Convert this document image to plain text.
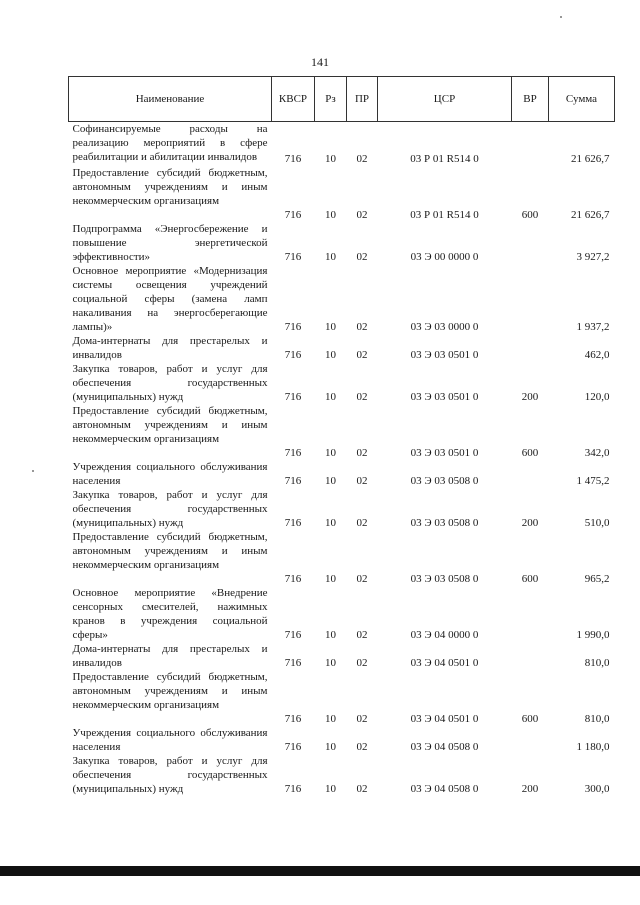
141
Наименование	КВСР	Рз	ПР	ЦСР	ВР	Сумма
Софинансируемые расходы на реализацию мероприятий в сфере реабилитации и абилитации инвалидов	716	10	02	03 Р 01 R514 0		21 626,7
Предоставление субсидий бюджетным, автономным учреждениям и иным некоммерческим организациям	716	10	02	03 Р 01 R514 0	600	21 626,7
Подпрограмма «Энергосбережение и повышение энергетической эффективности»	716	10	02	03 Э 00 0000 0		3 927,2
Основное мероприятие «Модернизация системы освещения учреждений социальной сферы (замена ламп накаливания на энергосберегающие лампы)»	716	10	02	03 Э 03 0000 0		1 937,2
Дома-интернаты для престарелых и инвалидов	716	10	02	03 Э 03 0501 0		462,0
Закупка товаров, работ и услуг для обеспечения государственных (муниципальных) нужд	716	10	02	03 Э 03 0501 0	200	120,0
Предоставление субсидий бюджетным, автономным учреждениям и иным некоммерческим организациям	716	10	02	03 Э 03 0501 0	600	342,0
Учреждения социального обслуживания населения	716	10	02	03 Э 03 0508 0		1 475,2
Закупка товаров, работ и услуг для обеспечения государственных (муниципальных) нужд	716	10	02	03 Э 03 0508 0	200	510,0
Предоставление субсидий бюджетным, автономным учреждениям и иным некоммерческим организациям	716	10	02	03 Э 03 0508 0	600	965,2
Основное мероприятие «Внедрение сенсорных смесителей, нажимных кранов в учреждения социальной сферы»	716	10	02	03 Э 04 0000 0		1 990,0
Дома-интернаты для престарелых и инвалидов	716	10	02	03 Э 04 0501 0		810,0
Предоставление субсидий бюджетным, автономным учреждениям и иным некоммерческим организациям	716	10	02	03 Э 04 0501 0	600	810,0
Учреждения социального обслуживания населения	716	10	02	03 Э 04 0508 0		1 180,0
Закупка товаров, работ и услуг для обеспечения государственных (муниципальных) нужд	716	10	02	03 Э 04 0508 0	200	300,0
